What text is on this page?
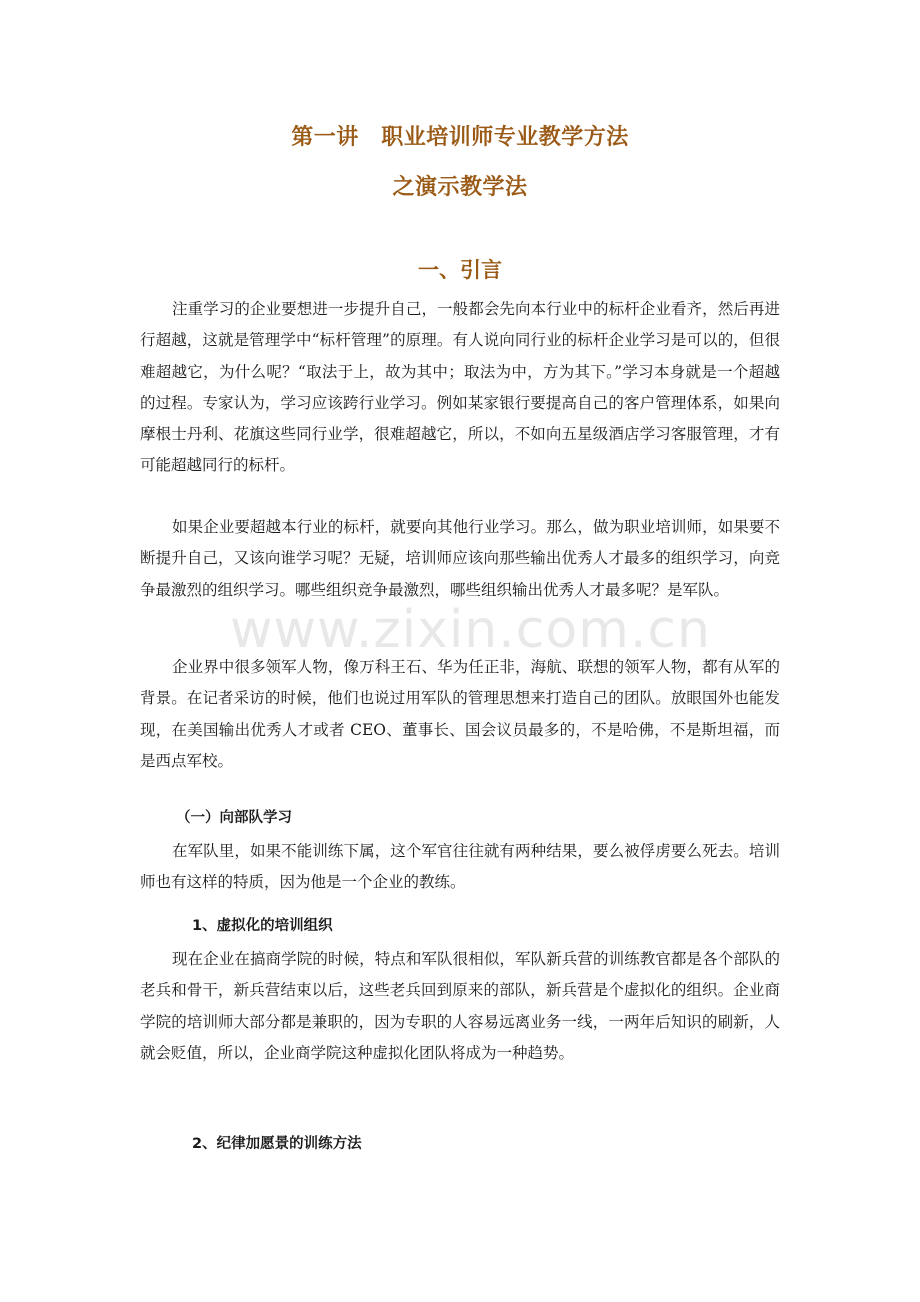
www.zixin.com.cn
第一讲　职业培训师专业教学方法
之演示教学法
一、引言

注重学习的企业要想进一步提升自己，一般都会先向本行业中的标杆企业看齐，然后再进行超越，这就是管理学中“标杆管理”的原理。有人说向同行业的标杆企业学习是可以的，但很难超越它，为什么呢？“取法于上，故为其中；取法为中，方为其下。”学习本身就是一个超越的过程。专家认为，学习应该跨行业学习。例如某家银行要提高自己的客户管理体系，如果向摩根士丹利、花旗这些同行业学，很难超越它，所以，不如向五星级酒店学习客服管理，才有可能超越同行的标杆。

如果企业要超越本行业的标杆，就要向其他行业学习。那么，做为职业培训师，如果要不断提升自己，又该向谁学习呢？无疑，培训师应该向那些输出优秀人才最多的组织学习，向竞争最激烈的组织学习。哪些组织竞争最激烈，哪些组织输出优秀人才最多呢？是军队。

企业界中很多领军人物，像万科王石、华为任正非，海航、联想的领军人物，都有从军的背景。在记者采访的时候，他们也说过用军队的管理思想来打造自己的团队。放眼国外也能发现，在美国输出优秀人才或者 CEO、董事长、国会议员最多的，不是哈佛，不是斯坦福，而是西点军校。

（一）向部队学习

在军队里，如果不能训练下属，这个军官往往就有两种结果，要么被俘虏要么死去。培训师也有这样的特质，因为他是一个企业的教练。

1、虚拟化的培训组织

现在企业在搞商学院的时候，特点和军队很相似，军队新兵营的训练教官都是各个部队的老兵和骨干，新兵营结束以后，这些老兵回到原来的部队，新兵营是个虚拟化的组织。企业商学院的培训师大部分都是兼职的，因为专职的人容易远离业务一线，一两年后知识的刷新，人就会贬值，所以，企业商学院这种虚拟化团队将成为一种趋势。

2、纪律加愿景的训练方法
